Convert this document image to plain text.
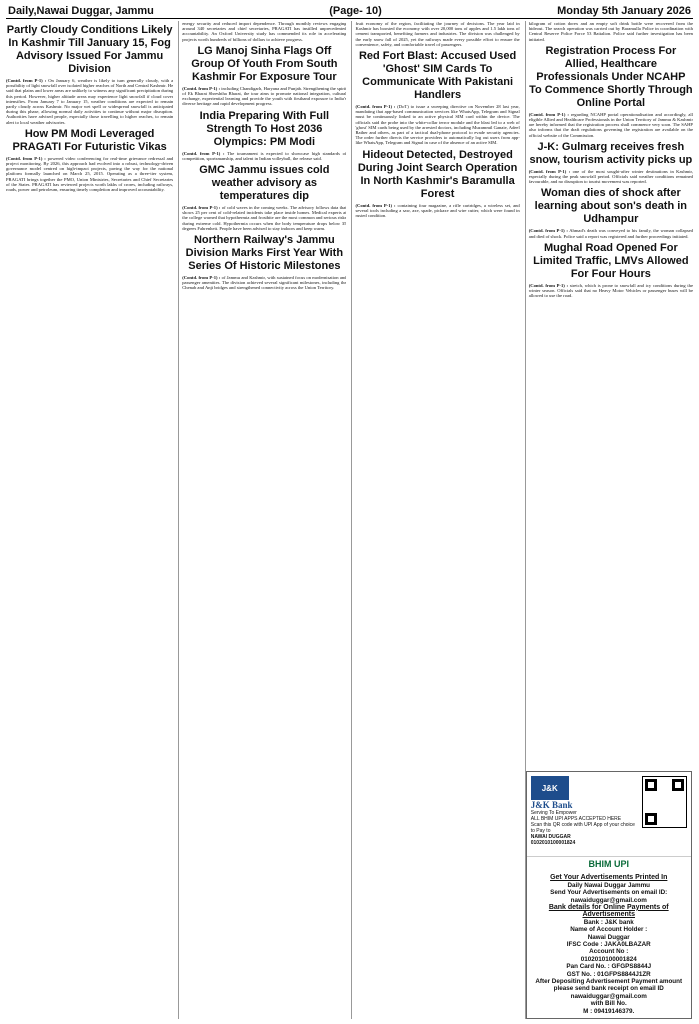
Daily,Nawai Duggar, Jammu	(Page- 10)	Monday 5th January 2026
Partly Cloudy Conditions Likely In Kashmir Till January 15, Fog Advisory Issued For Jammu Division

(Contd. from P-1) : On January 6, weather is likely to turn generally cloudy, with a possibility of light snowfall over isolated higher reaches of North and Central Kashmir. He said that plains and lower areas are unlikely to witness any significant precipitation during this period. However, higher altitude areas may experience light snowfall if cloud cover intensifies. From January 7 to January 15, weather conditions are expected to remain partly cloudy across Kashmir. No major wet spell or widespread snowfall is anticipated during this phase, allowing normal daily activities to continue without major disruption. Authorities have advised people, especially those travelling to higher reaches, to remain alert to local weather advisories.

How PM Modi Leveraged PRAGATI For Futuristic Vikas

(Contd. from P-1) : powered video conferencing for real-time grievance redressal and project monitoring. By 2026, this approach had evolved into a robust, technology-driven governance model centred on high-impact projects, paving the way for the national platform formally launched on March 25, 2015. Operating as a three-tier system, PRAGATI brings together the PMO, Union Ministries, Secretaries and Chief Secretaries of the States. PRAGATI has reviewed projects worth lakhs of crores, including railways, roads, power and petroleum, ensuring timely completion and improved accountability.

energy security and reduced import dependence. Through monthly reviews engaging around 340 secretaries and chief secretaries, PRAGATI has instilled unprecedented accountability. An Oxford University study has commended its role in accelerating projects worth hundreds of billions of dollars to achieve progress.

LG Manoj Sinha Flags Off Group Of Youth From South Kashmir For Exposure Tour

(Contd. from P-1) : including Chandigarh, Haryana and Punjab. Strengthening the spirit of Ek Bharat Shreshtha Bharat, the tour aims to promote national integration, cultural exchange, experiential learning and provide the youth with firsthand exposure to India's diverse heritage and rapid development progress.

India Preparing With Full Strength To Host 2036 Olympics: PM Modi

(Contd. from P-1) : The tournament is expected to showcase high standards of competition, sportsmanship, and talent in Indian volleyball, the release said.

GMC Jammu issues cold weather advisory as temperatures dip

(Contd. from P-1) : of cold waves in the coming weeks. The advisory follows data that shows 25 per cent of cold-related incidents take place inside homes. Medical experts at the college warned that hypothermia and frostbite are the most common and serious risks during extreme cold. Hypothermia occurs when the body temperature drops below 35 degrees Fahrenheit. People have been advised to stay indoors and keep warm.

Northern Railway's Jammu Division Marks First Year With Series Of Historic Milestones

(Contd. from P-1) : of Jammu and Kashmir, with sustained focus on modernisation and passenger amenities. The division achieved several significant milestones, including the Chenab and Anji bridges and strengthened connectivity across the Union Territory.

fruit economy of the region, facilitating the journey of decisions. The year laid in Kashmir has boosted the economy with over 20,000 tons of apples and 1.5 lakh tons of cement transported, benefiting farmers and industries. The division was challenged by the early snow fall of 2025, yet the railways made every possible effort to ensure the convenience, safety, and comfortable travel of passengers.

Red Fort Blast: Accused Used 'Ghost' SIM Cards To Communicate With Pakistani Handlers

(Contd. from P-1) : (DoT) to issue a sweeping directive on November 28 last year, mandating that app-based communication services like WhatsApp, Telegram and Signal must be continuously linked to an active physical SIM card within the device. The officials said the probe into the white-collar terror module and the blast led to a web of 'ghost' SIM cards being used by the arrested doctors, including Muzammil Ganaie, Adeel Rather and others, as part of a tactical dual-phone protocol to evade security agencies. The order further directs the service providers to automatically log out users from app-like WhatsApp, Telegram and Signal in case of the absence of an active SIM.

Hideout Detected, Destroyed During Joint Search Operation In North Kashmir's Baramulla Forest

(Contd. from P-1) : containing four magazine, a rifle cartridges, a wireless set, and several tools including a saw, axe, spade, pickaxe and wire cutter, which were found in rusted condition.

kilogram of cotton dorex and an empty soft drink bottle were recovered from the hideout. The search operation was carried out by Baramulla Police in coordination with Central Reserve Police Force 53 Battalion. Police said further investigation has been initiated.

Registration Process For Allied, Healthcare Professionals Under NCAHP To Commence Shortly Through Online Portal

(Contd. from P-1) : regarding NCAHP portal operationalisation and accordingly, all eligible Allied and Healthcare Professionals in the Union Territory of Jammu & Kashmir are hereby informed that the registration process shall commence very soon. The SAHP also informs that the draft regulations governing the registration are available on the official website of the Commission.

J-K: Gulmarg receives fresh snow, tourism activity picks up

(Contd. from P-1) : one of the most sought-after winter destinations in Kashmir, especially during the peak snowfall period. Officials said weather conditions remained favourable, and no disruption to tourist movement was reported.

Woman dies of shock after learning about son's death in Udhampur

(Contd. from P-1) : Ahmad's death was conveyed to his family, the woman collapsed and died of shock. Police said a report was registered and further proceedings initiated.

Mughal Road Opened For Limited Traffic, LMVs Allowed For Four Hours

(Contd. from P-1) : stretch, which is prone to snowfall and icy conditions during the winter season. Officials said that no Heavy Motor Vehicles or passenger buses will be allowed to use the road.

J&K
J&K Bank
Serving To Empower
ALL BHIM UPI APPS ACCEPTED HERE
Scan this QR code with UPI App of your choice to Pay to
NAWAI DUGGAR
0102010100001824
BHIM UPI
Get Your Advertisements Printed In
Daily Nawai Duggar Jammu
Send Your Advertisements on email ID:
nawaiduggar@gmail.com
Bank details for Online Payments of Advertisements
Bank : J&K bank
Name of Account Holder :
Nawai Duggar
IFSC Code : JAKA0LBAZAR
Account No :
0102010100001824
Pan Card No. : GFGPS8844J
GST No. : 01GFPS8844J1ZR
After Depositing Advertisement Payment amount please send bank receipt on email ID
nawaiduggar@gmail.com
with Bill No.
M : 09419146379.
